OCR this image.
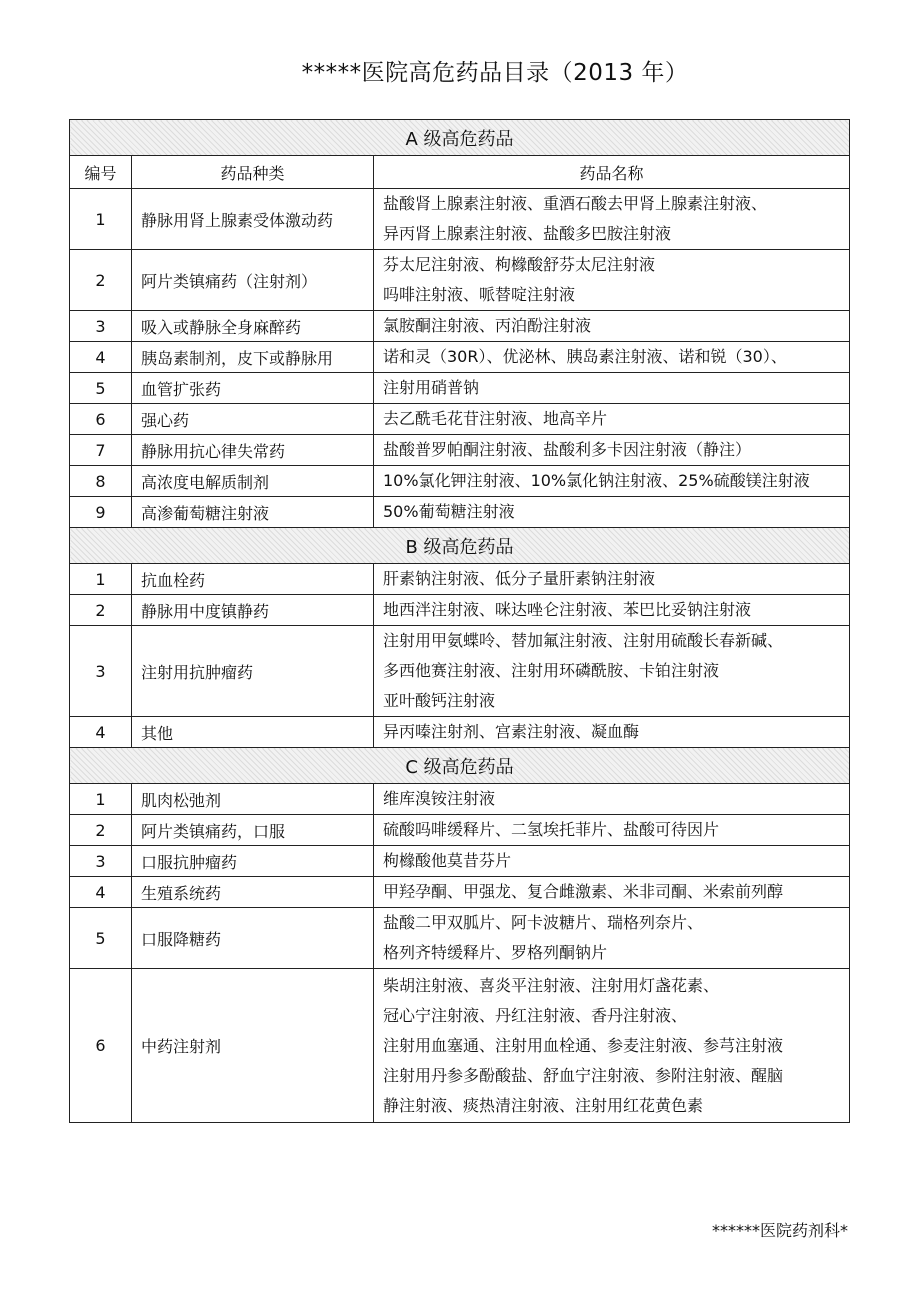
*****医院高危药品目录（2013 年）
A 级高危药品		
编号	药品种类	药品名称
1	静脉用肾上腺素受体激动药	盐酸肾上腺素注射液、重酒石酸去甲肾上腺素注射液、
异丙肾上腺素注射液、盐酸多巴胺注射液

2	阿片类镇痛药（注射剂）	芬太尼注射液、枸橼酸舒芬太尼注射液
吗啡注射液、哌替啶注射液

3	吸入或静脉全身麻醉药	氯胺酮注射液、丙泊酚注射液

4	胰岛素制剂，皮下或静脉用	诺和灵（30R）、优泌林、胰岛素注射液、诺和锐（30）、

5	血管扩张药	注射用硝普钠

6	强心药	去乙酰毛花苷注射液、地高辛片

7	静脉用抗心律失常药	盐酸普罗帕酮注射液、盐酸利多卡因注射液（静注）

8	高浓度电解质制剂	10%氯化钾注射液、10%氯化钠注射液、25%硫酸镁注射液

9	高渗葡萄糖注射液	50%葡萄糖注射液

B 级高危药品		
1	抗血栓药	肝素钠注射液、低分子量肝素钠注射液

2	静脉用中度镇静药	地西泮注射液、咪达唑仑注射液、苯巴比妥钠注射液

3	注射用抗肿瘤药	注射用甲氨蝶呤、替加氟注射液、注射用硫酸长春新碱、
多西他赛注射液、注射用环磷酰胺、卡铂注射液
亚叶酸钙注射液

4	其他	异丙嗪注射剂、宫素注射液、凝血酶

C 级高危药品		
1	肌肉松弛剂	维库溴铵注射液

2	阿片类镇痛药，口服	硫酸吗啡缓释片、二氢埃托菲片、盐酸可待因片

3	口服抗肿瘤药	枸橼酸他莫昔芬片

4	生殖系统药	甲羟孕酮、甲强龙、复合雌激素、米非司酮、米索前列醇

5	口服降糖药	盐酸二甲双胍片、阿卡波糖片、瑞格列奈片、
格列齐特缓释片、罗格列酮钠片

6	中药注射剂	柴胡注射液、喜炎平注射液、注射用灯盏花素、
冠心宁注射液、丹红注射液、香丹注射液、
注射用血塞通、注射用血栓通、参麦注射液、参芎注射液
注射用丹参多酚酸盐、舒血宁注射液、参附注射液、醒脑
静注射液、痰热清注射液、注射用红花黄色素
******医院药剂科*
